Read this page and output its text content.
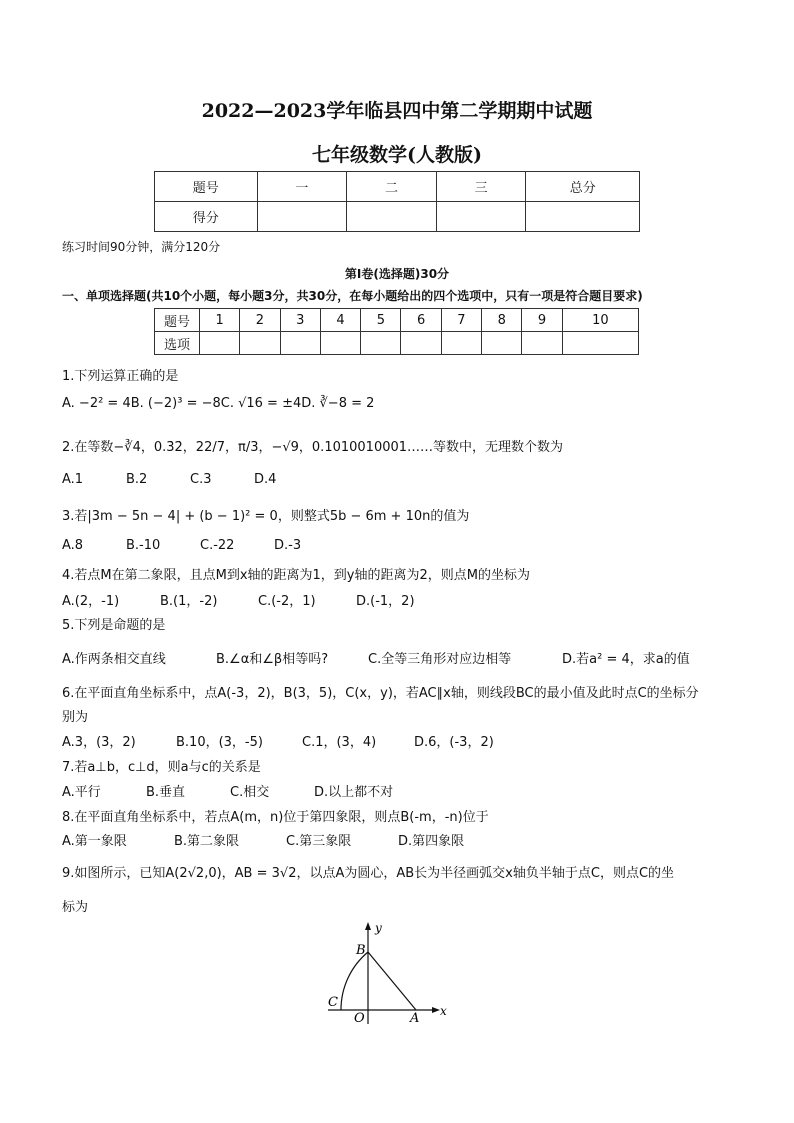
2022—2023学年临县四中第二学期期中试题
七年级数学(人教版)
题号	一	二	三	总分
得分				
练习时间90分钟，满分120分
第Ⅰ卷(选择题)30分
一、单项选择题(共10个小题，每小题3分，共30分，在每小题给出的四个选项中，只有一项是符合题目要求)
题号	1	2	3	4	5	6	7	8	9	10
选项										
1.下列运算正确的是
A. −2² = 4B. (−2)³ = −8C. √16 = ±4D. ∛−8 = 2
2.在等数−∛4，0.3̇2̇，22/7，π/3，−√9，0.1010010001……等数中，无理数个数为
A.1	B.2	C.3	D.4
3.若|3m − 5n − 4| + (b − 1)² = 0，则整式5b − 6m + 10n的值为
A.8	B.-10	C.-22	D.-3
4.若点M在第二象限，且点M到x轴的距离为1，到y轴的距离为2，则点M的坐标为
A.(2，-1)	B.(1，-2)	C.(-2，1)	D.(-1，2)
5.下列是命题的是
A.作两条相交直线	B.∠α和∠β相等吗?	C.全等三角形对应边相等	D.若a² = 4，求a的值
6.在平面直角坐标系中，点A(-3，2)，B(3，5)，C(x，y)，若AC∥x轴，则线段BC的最小值及此时点C的坐标分
别为
A.3，(3，2)	B.10，(3，-5)	C.1，(3，4)	D.6，(-3，2)
7.若a⊥b，c⊥d，则a与c的关系是
A.平行	B.垂直	C.相交	D.以上都不对
8.在平面直角坐标系中，若点A(m，n)位于第四象限，则点B(-m，-n)位于
A.第一象限	B.第二象限	C.第三象限	D.第四象限
9.如图所示，已知A(2√2,0)，AB = 3√2，以点A为圆心，AB长为半径画弧交x轴负半轴于点C，则点C的坐
标为
y
x
B
C
O	A
